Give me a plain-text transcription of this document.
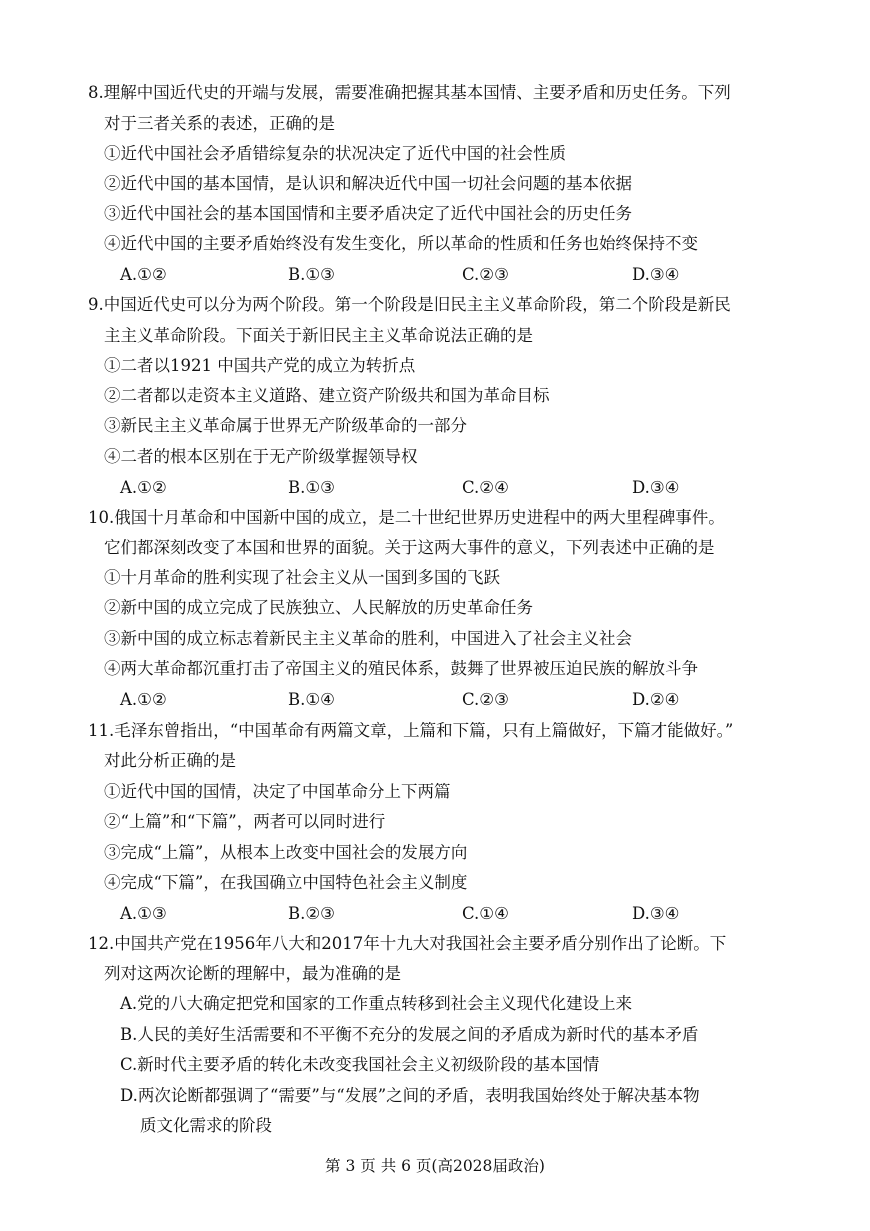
8.理解中国近代史的开端与发展，需要准确把握其基本国情、主要矛盾和历史任务。下列
对于三者关系的表述，正确的是
①近代中国社会矛盾错综复杂的状况决定了近代中国的社会性质
②近代中国的基本国情，是认识和解决近代中国一切社会问题的基本依据
③近代中国社会的基本国国情和主要矛盾决定了近代中国社会的历史任务
④近代中国的主要矛盾始终没有发生变化，所以革命的性质和任务也始终保持不变
A.①②	B.①③	C.②③	D.③④
9.中国近代史可以分为两个阶段。第一个阶段是旧民主主义革命阶段，第二个阶段是新民
主主义革命阶段。下面关于新旧民主主义革命说法正确的是
①二者以1921 中国共产党的成立为转折点
②二者都以走资本主义道路、建立资产阶级共和国为革命目标
③新民主主义革命属于世界无产阶级革命的一部分
④二者的根本区别在于无产阶级掌握领导权
A.①②	B.①③	C.②④	D.③④
10.俄国十月革命和中国新中国的成立，是二十世纪世界历史进程中的两大里程碑事件。
它们都深刻改变了本国和世界的面貌。关于这两大事件的意义，下列表述中正确的是
①十月革命的胜利实现了社会主义从一国到多国的飞跃
②新中国的成立完成了民族独立、人民解放的历史革命任务
③新中国的成立标志着新民主主义革命的胜利，中国进入了社会主义社会
④两大革命都沉重打击了帝国主义的殖民体系，鼓舞了世界被压迫民族的解放斗争
A.①②	B.①④	C.②③	D.②④
11.毛泽东曾指出，“中国革命有两篇文章，上篇和下篇，只有上篇做好，下篇才能做好。”
对此分析正确的是
①近代中国的国情，决定了中国革命分上下两篇
②“上篇”和“下篇”，两者可以同时进行
③完成“上篇”，从根本上改变中国社会的发展方向
④完成“下篇”，在我国确立中国特色社会主义制度
A.①③	B.②③	C.①④	D.③④
12.中国共产党在1956年八大和2017年十九大对我国社会主要矛盾分别作出了论断。下
列对这两次论断的理解中，最为准确的是
A.党的八大确定把党和国家的工作重点转移到社会主义现代化建设上来
B.人民的美好生活需要和不平衡不充分的发展之间的矛盾成为新时代的基本矛盾
C.新时代主要矛盾的转化未改变我国社会主义初级阶段的基本国情
D.两次论断都强调了“需要”与“发展”之间的矛盾，表明我国始终处于解决基本物
质文化需求的阶段
第 3 页 共 6 页(高2028届政治)
